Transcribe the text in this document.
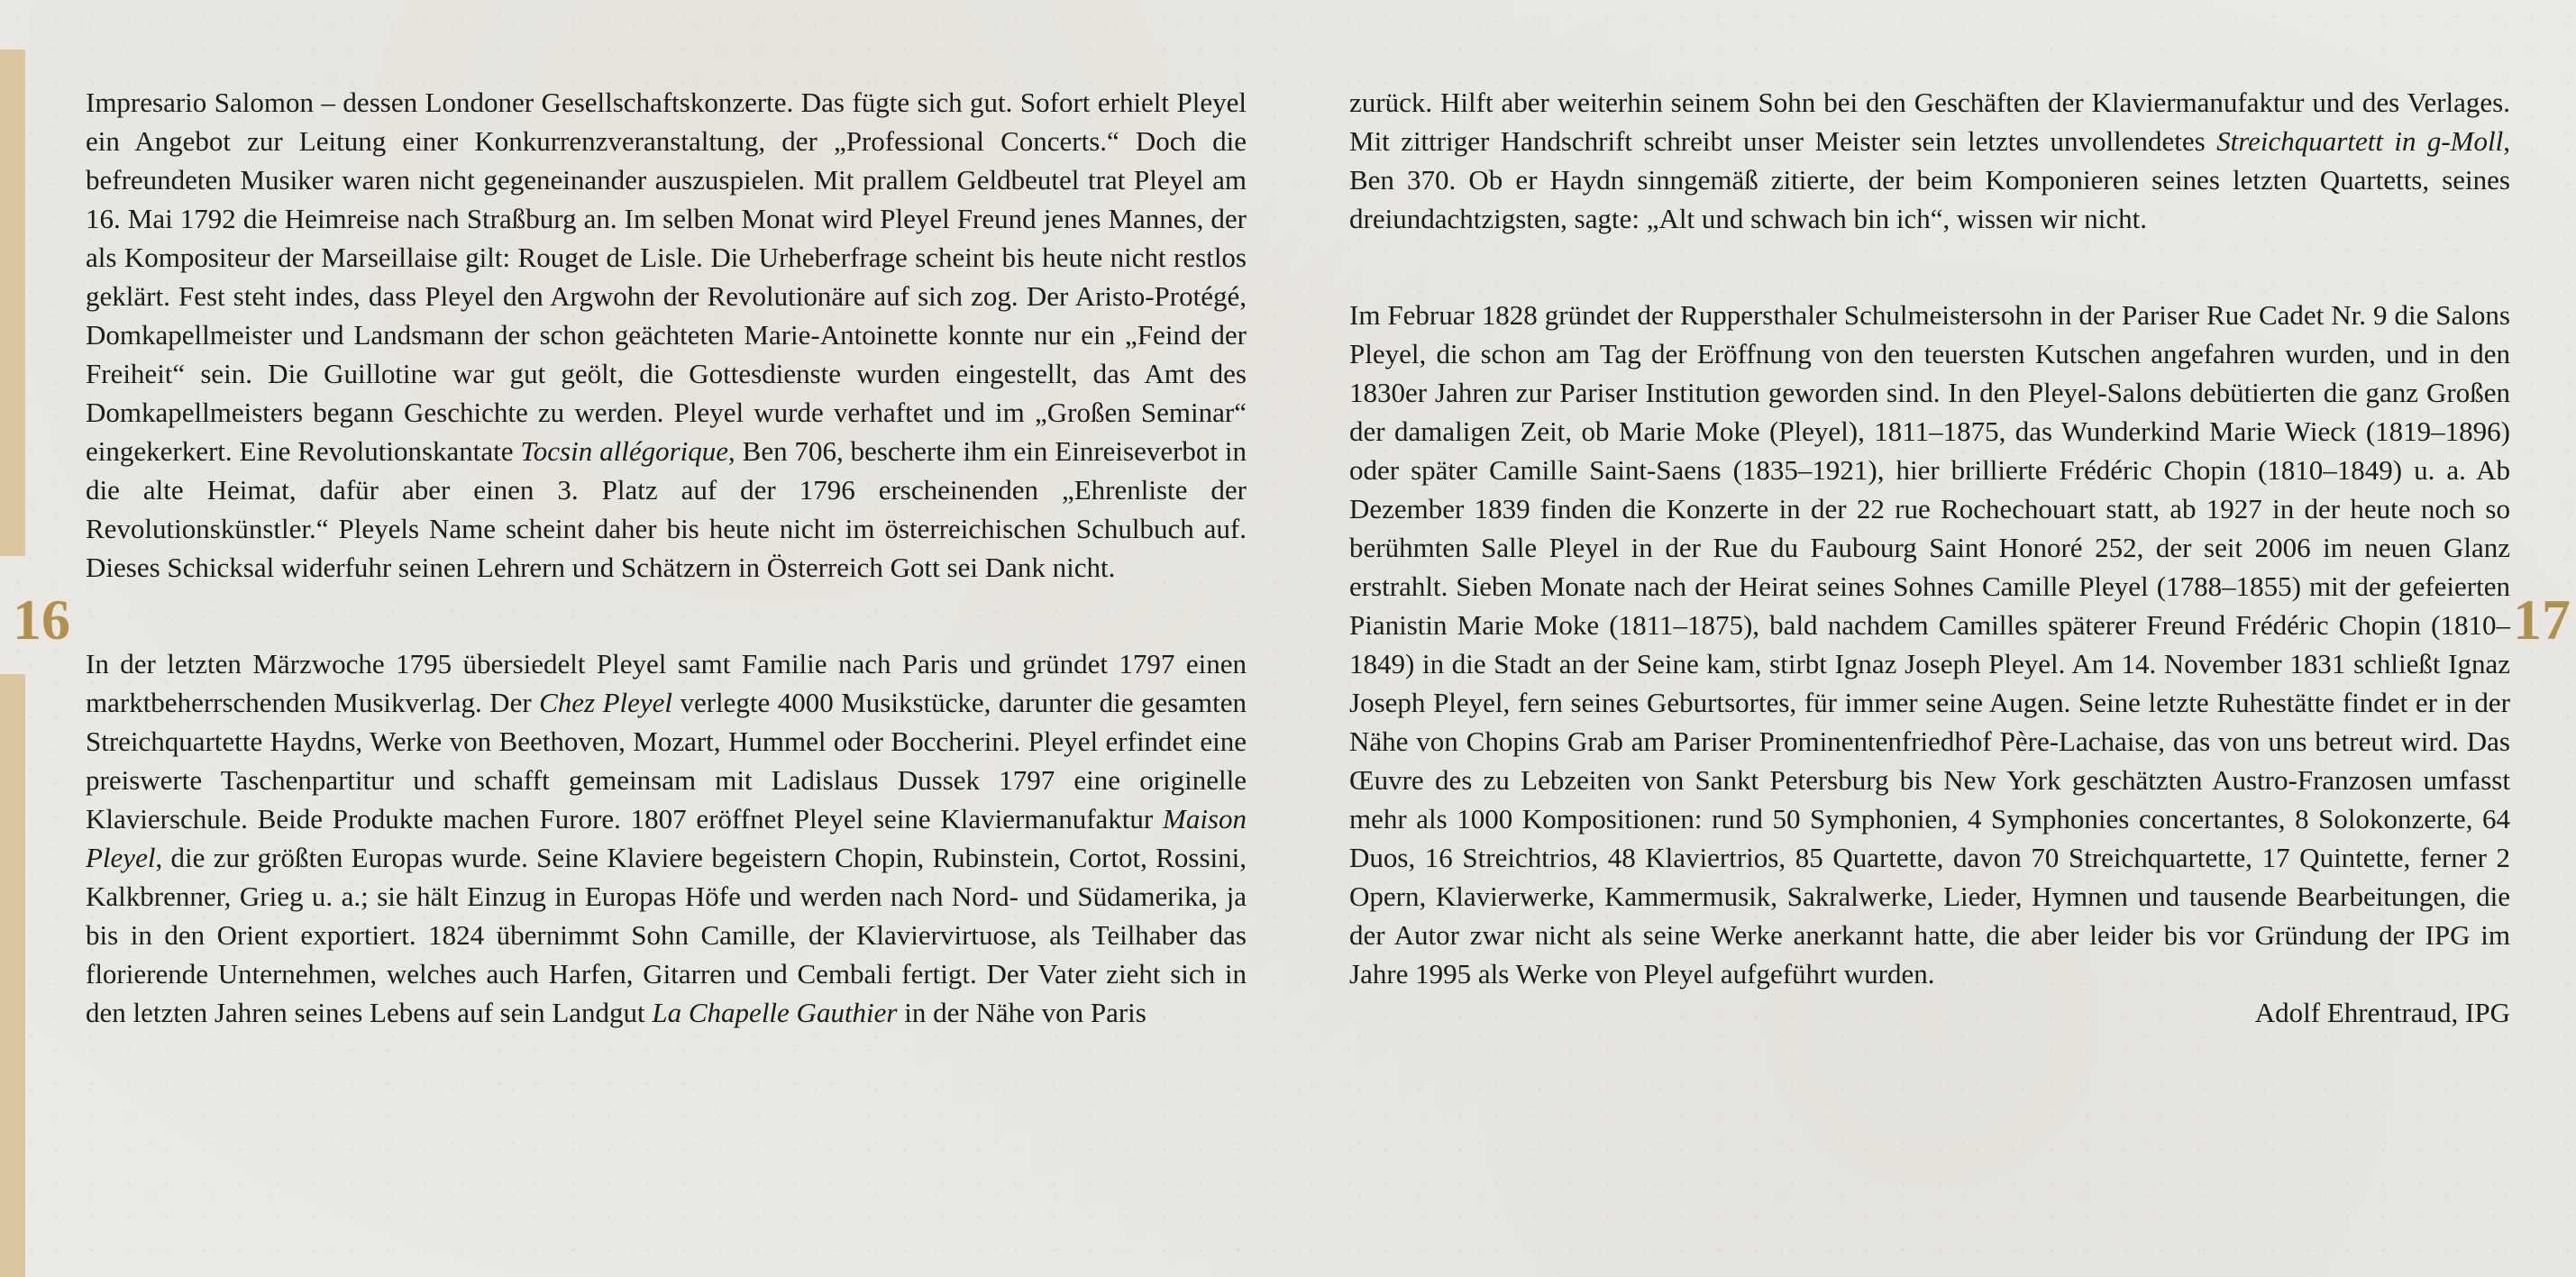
16	17

Impresario Salomon – dessen Londoner Gesellschaftskonzerte. Das fügte sich gut. Sofort erhielt Pleyel ein Angebot zur Leitung einer Konkurrenzveranstaltung, der „Professional Concerts.“ Doch die befreundeten Musiker waren nicht gegeneinander auszuspielen. Mit prallem Geldbeutel trat Pleyel am 16. Mai 1792 die Heimreise nach Straßburg an. Im selben Monat wird Pleyel Freund jenes Mannes, der als Kompositeur der Marseillaise gilt: Rouget de Lisle. Die Urheberfrage scheint bis heute nicht restlos geklärt. Fest steht indes, dass Pleyel den Argwohn der Revolutionäre auf sich zog. Der Aristo-Protégé, Domkapellmeister und Landsmann der schon geächteten Marie-Antoinette konnte nur ein „Feind der Freiheit“ sein. Die Guillotine war gut geölt, die Gottesdienste wurden eingestellt, das Amt des Domkapellmeisters begann Geschichte zu werden. Pleyel wurde verhaftet und im „Großen Seminar“ eingekerkert. Eine Revolutionskantate Tocsin allégorique, Ben 706, bescherte ihm ein Einreiseverbot in die alte Heimat, dafür aber einen 3. Platz auf der 1796 erscheinenden „Ehrenliste der Revolutionskünstler.“ Pleyels Name scheint daher bis heute nicht im österreichischen Schulbuch auf. Dieses Schicksal widerfuhr seinen Lehrern und Schätzern in Österreich Gott sei Dank nicht.

In der letzten Märzwoche 1795 übersiedelt Pleyel samt Familie nach Paris und gründet 1797 einen marktbeherrschenden Musikverlag. Der Chez Pleyel verlegte 4000 Musikstücke, darunter die gesamten Streichquartette Haydns, Werke von Beethoven, Mozart, Hummel oder Boccherini. Pleyel erfindet eine preiswerte Taschenpartitur und schafft gemeinsam mit Ladislaus Dussek 1797 eine originelle Klavierschule. Beide Produkte machen Furore. 1807 eröffnet Pleyel seine Klaviermanufaktur Maison Pleyel, die zur größten Europas wurde. Seine Klaviere begeistern Chopin, Rubinstein, Cortot, Rossini, Kalkbrenner, Grieg u. a.; sie hält Einzug in Europas Höfe und werden nach Nord- und Südamerika, ja bis in den Orient exportiert. 1824 übernimmt Sohn Camille, der Klaviervirtuose, als Teilhaber das florierende Unternehmen, welches auch Harfen, Gitarren und Cembali fertigt. Der Vater zieht sich in den letzten Jahren seines Lebens auf sein Landgut La Chapelle Gauthier in der Nähe von Paris

zurück. Hilft aber weiterhin seinem Sohn bei den Geschäften der Klaviermanufaktur und des Verlages. Mit zittriger Handschrift schreibt unser Meister sein letztes unvollendetes Streichquartett in g-Moll, Ben 370. Ob er Haydn sinngemäß zitierte, der beim Komponieren seines letzten Quartetts, seines dreiundachtzigsten, sagte: „Alt und schwach bin ich“, wissen wir nicht.

Im Februar 1828 gründet der Ruppersthaler Schulmeistersohn in der Pariser Rue Cadet Nr. 9 die Salons Pleyel, die schon am Tag der Eröffnung von den teuersten Kutschen angefahren wurden, und in den 1830er Jahren zur Pariser Institution geworden sind. In den Pleyel-Salons debütierten die ganz Großen der damaligen Zeit, ob Marie Moke (Pleyel), 1811–1875, das Wunderkind Marie Wieck (1819–1896) oder später Camille Saint-Saens (1835–1921), hier brillierte Frédéric Chopin (1810–1849) u. a. Ab Dezember 1839 finden die Konzerte in der 22 rue Rochechouart statt, ab 1927 in der heute noch so berühmten Salle Pleyel in der Rue du Faubourg Saint Honoré 252, der seit 2006 im neuen Glanz erstrahlt. Sieben Monate nach der Heirat seines Sohnes Camille Pleyel (1788–1855) mit der gefeierten Pianistin Marie Moke (1811–1875), bald nachdem Camilles späterer Freund Frédéric Chopin (1810–1849) in die Stadt an der Seine kam, stirbt Ignaz Joseph Pleyel. Am 14. November 1831 schließt Ignaz Joseph Pleyel, fern seines Geburtsortes, für immer seine Augen. Seine letzte Ruhestätte findet er in der Nähe von Chopins Grab am Pariser Prominentenfriedhof Père-Lachaise, das von uns betreut wird. Das Œuvre des zu Lebzeiten von Sankt Petersburg bis New York geschätzten Austro-Franzosen umfasst mehr als 1000 Kompositionen: rund 50 Symphonien, 4 Symphonies concertantes, 8 Solokonzerte, 64 Duos, 16 Streichtrios, 48 Klaviertrios, 85 Quartette, davon 70 Streichquartette, 17 Quintette, ferner 2 Opern, Klavierwerke, Kammermusik, Sakralwerke, Lieder, Hymnen und tausende Bearbeitungen, die der Autor zwar nicht als seine Werke anerkannt hatte, die aber leider bis vor Gründung der IPG im Jahre 1995 als Werke von Pleyel aufgeführt wurden.

Adolf Ehrentraud, IPG
